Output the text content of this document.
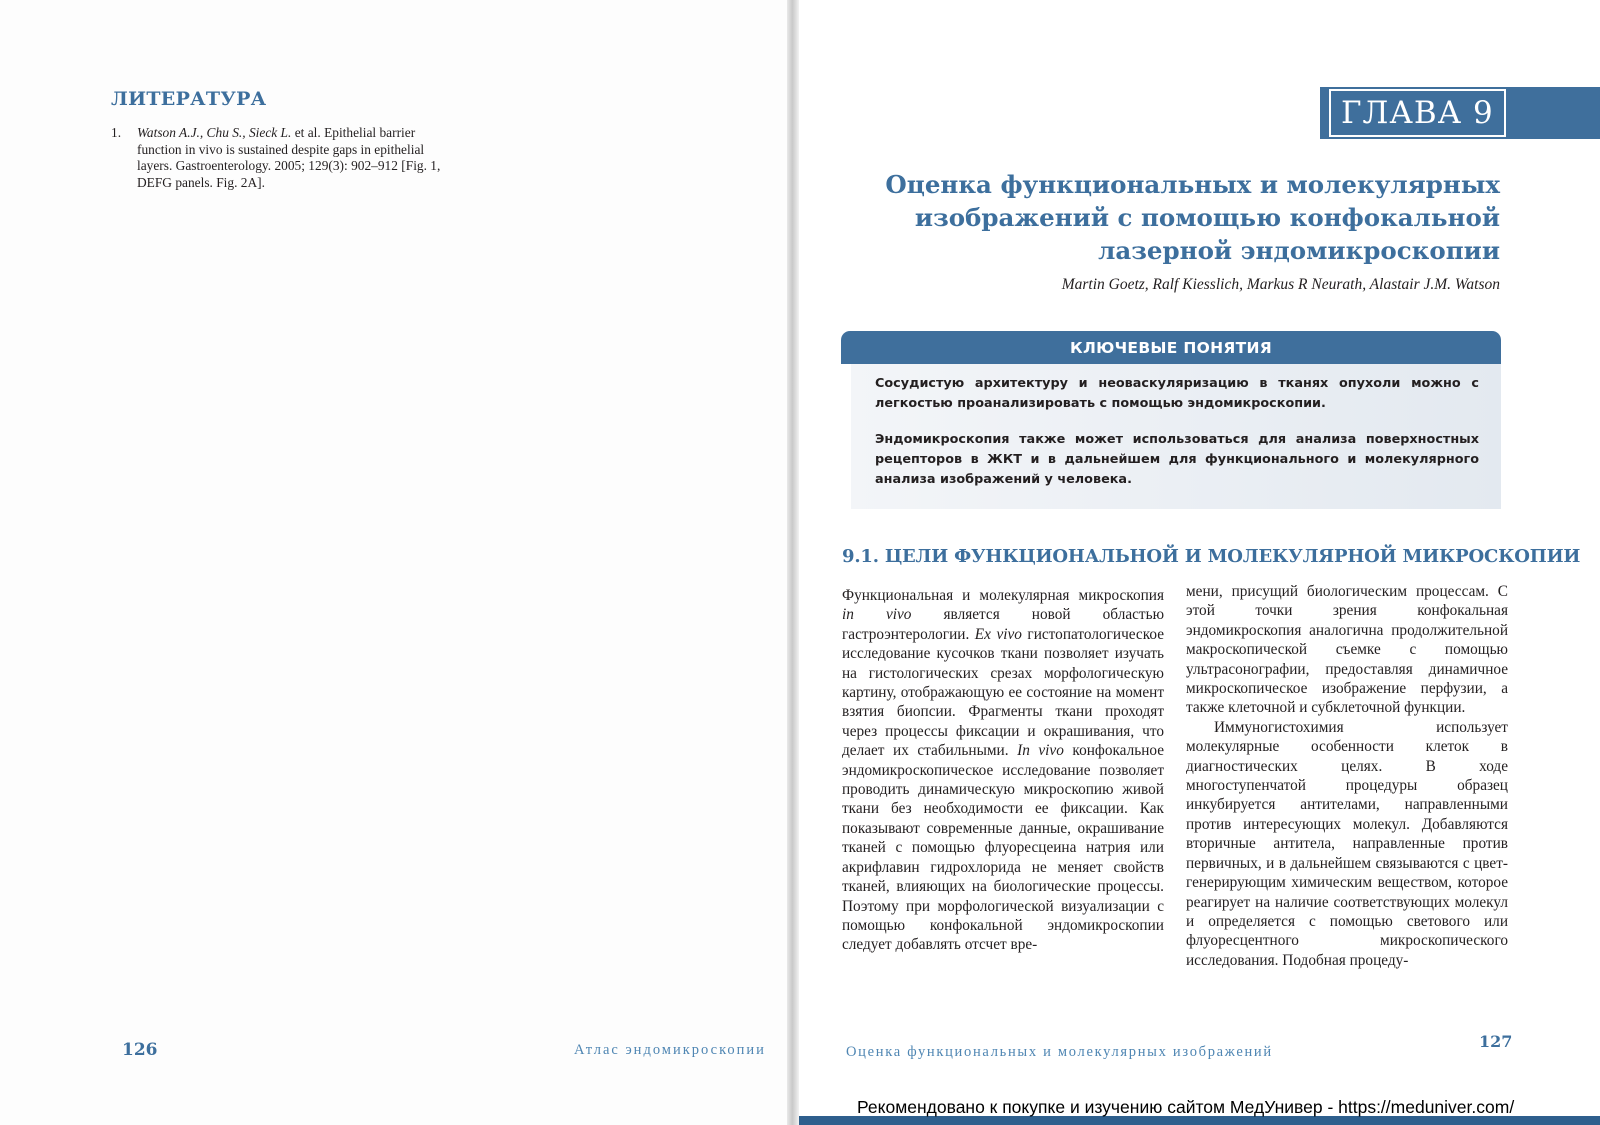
ЛИТЕРАТУРА
1. Watson A.J., Chu S., Sieck L. et al. Epithelial barrier function in vivo is sustained despite gaps in epithelial layers. Gastroenterology. 2005; 129(3): 902–912 [Fig. 1, DEFG panels. Fig. 2A].
126	Атлас эндомикроскопии
ГЛАВА 9
Оценка функциональных и молекулярных изображений с помощью конфокальной лазерной эндомикроскопии
Martin Goetz, Ralf Kiesslich, Markus R Neurath, Alastair J.M. Watson
КЛЮЧЕВЫЕ ПОНЯТИЯ

Сосудистую архитектуру и неоваскуляризацию в тканях опухоли можно с легкостью проанализировать с помощью эндомикроскопии.

Эндомикроскопия также может использоваться для анализа поверхностных рецепторов в ЖКТ и в дальнейшем для функционального и молекулярного анализа изображений у человека.

9.1. ЦЕЛИ ФУНКЦИОНАЛЬНОЙ И МОЛЕКУЛЯРНОЙ МИКРОСКОПИИ

Функциональная и молекулярная микроскопия in vivo является новой областью гастроэнтерологии. Ex vivo гистопатологическое исследование кусочков ткани позволяет изучать на гистологических срезах морфологическую картину, отображающую ее состояние на момент взятия биопсии. Фрагменты ткани проходят через процессы фиксации и окрашивания, что делает их стабильными. In vivo конфокальное эндомикроскопическое исследование позволяет проводить динамическую микроскопию живой ткани без необходимости ее фиксации. Как показывают современные данные, окрашивание тканей с помощью флуоресцеина натрия или акрифлавин гидрохлорида не меняет свойств тканей, влияющих на биологические процессы. Поэтому при морфологической визуализации с помощью конфокальной эндомикроскопии следует добавлять отсчет вре-

мени, присущий биологическим процессам. С этой точки зрения конфокальная эндомикроскопия аналогична продолжительной макроскопической съемке с помощью ультрасонографии, предоставляя динамичное микроскопическое изображение перфузии, а также клеточной и субклеточной функции.

Иммуногистохимия использует молекулярные особенности клеток в диагностических целях. В ходе многоступенчатой процедуры образец инкубируется антителами, направленными против интересующих молекул. Добавляются вторичные антитела, направленные против первичных, и в дальнейшем связываются с цвет-генерирующим химическим веществом, которое реагирует на наличие соответствующих молекул и определяется с помощью светового или флуоресцентного микроскопического исследования. Подобная процеду-

Оценка функциональных и молекулярных изображений
127
Рекомендовано к покупке и изучению сайтом МедУнивер - https://meduniver.com/
